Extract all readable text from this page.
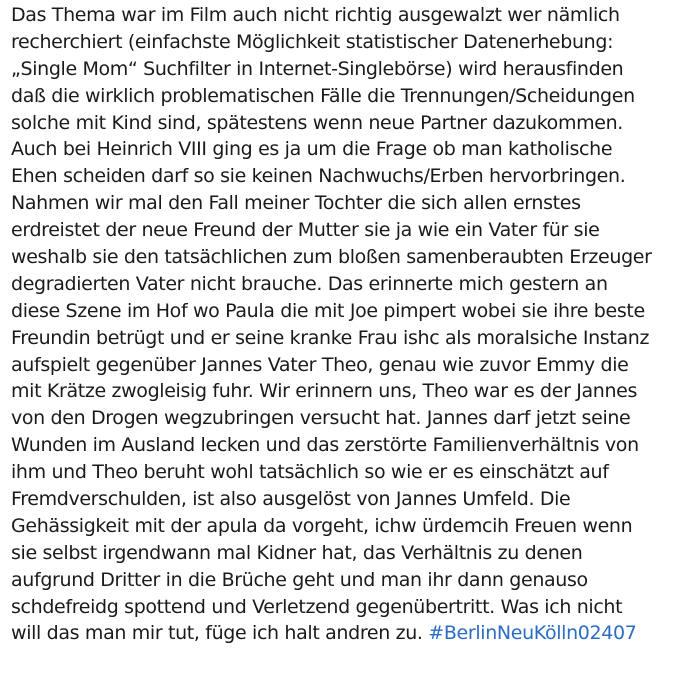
Das Thema war im Film auch nicht richtig ausgewalzt wer nämlich
recherchiert (einfachste Möglichkeit statistischer Datenerhebung:
„Single Mom“ Suchfilter in Internet-Singlebörse) wird herausfinden
daß die wirklich problematischen Fälle die Trennungen/Scheidungen
solche mit Kind sind, spätestens wenn neue Partner dazukommen.
Auch bei Heinrich VIII ging es ja um die Frage ob man katholische
Ehen scheiden darf so sie keinen Nachwuchs/Erben hervorbringen.
Nahmen wir mal den Fall meiner Tochter die sich allen ernstes
erdreistet der neue Freund der Mutter sie ja wie ein Vater für sie
weshalb sie den tatsächlichen zum bloßen samenberaubten Erzeuger
degradierten Vater nicht brauche. Das erinnerte mich gestern an
diese Szene im Hof wo Paula die mit Joe pimpert wobei sie ihre beste
Freundin betrügt und er seine kranke Frau ishc als moralsiche Instanz
aufspielt gegenüber Jannes Vater Theo, genau wie zuvor Emmy die
mit Krätze zwogleisig fuhr. Wir erinnern uns, Theo war es der Jannes
von den Drogen wegzubringen versucht hat. Jannes darf jetzt seine
Wunden im Ausland lecken und das zerstörte Familienverhältnis von
ihm und Theo beruht wohl tatsächlich so wie er es einschätzt auf
Fremdverschulden, ist also ausgelöst von Jannes Umfeld. Die
Gehässigkeit mit der apula da vorgeht, ichw ürdemcih Freuen wenn
sie selbst irgendwann mal Kidner hat, das Verhältnis zu denen
aufgrund Dritter in die Brüche geht und man ihr dann genauso
schdefreidg spottend und Verletzend gegenübertritt. Was ich nicht
will das man mir tut, füge ich halt andren zu. #BerlinNeuKölln02407
